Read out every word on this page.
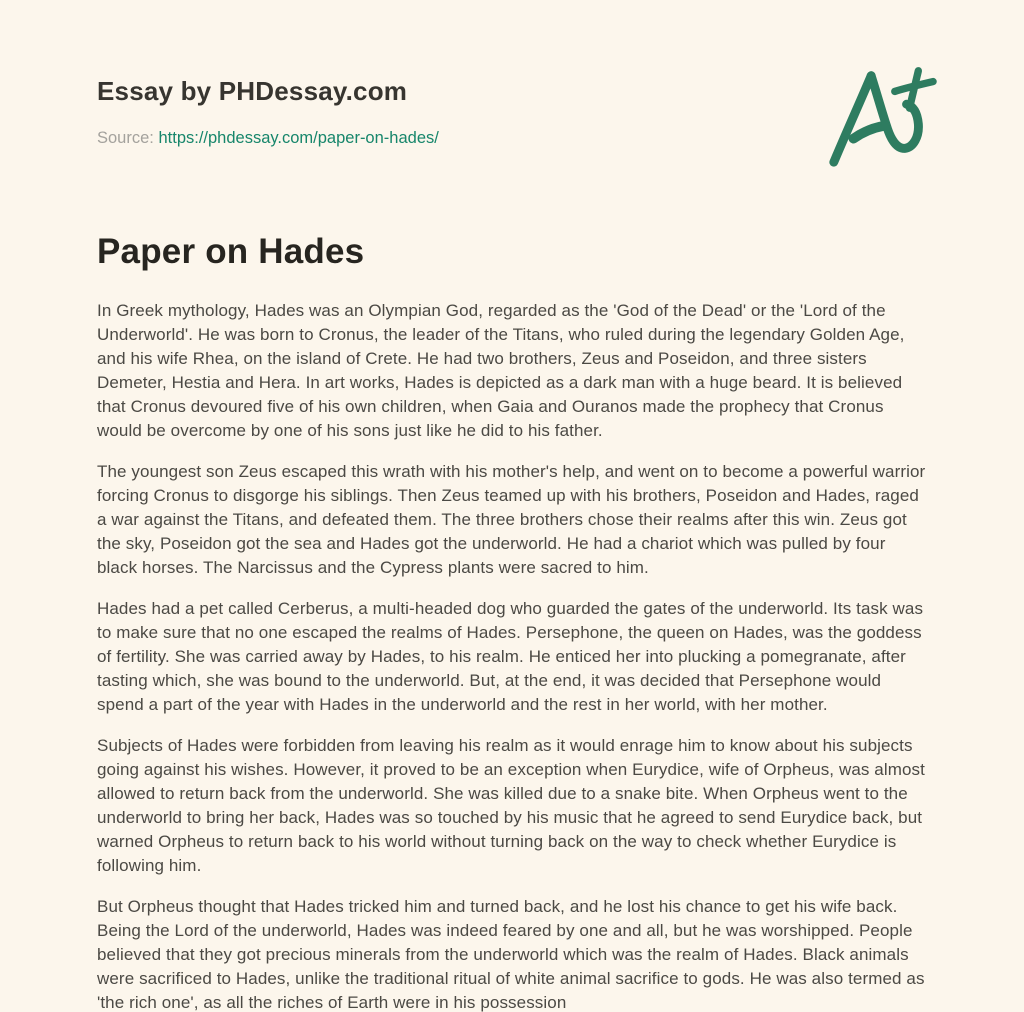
Essay by PHDessay.com

Source: https://phdessay.com/paper-on-hades/

Paper on Hades

In Greek mythology, Hades was an Olympian God, regarded as the 'God of the Dead' or the 'Lord of the Underworld'. He was born to Cronus, the leader of the Titans, who ruled during the legendary Golden Age, and his wife Rhea, on the island of Crete. He had two brothers, Zeus and Poseidon, and three sisters Demeter, Hestia and Hera. In art works, Hades is depicted as a dark man with a huge beard. It is believed that Cronus devoured five of his own children, when Gaia and Ouranos made the prophecy that Cronus would be overcome by one of his sons just like he did to his father.

The youngest son Zeus escaped this wrath with his mother's help, and went on to become a powerful warrior forcing Cronus to disgorge his siblings. Then Zeus teamed up with his brothers, Poseidon and Hades, raged a war against the Titans, and defeated them. The three brothers chose their realms after this win. Zeus got the sky, Poseidon got the sea and Hades got the underworld. He had a chariot which was pulled by four black horses. The Narcissus and the Cypress plants were sacred to him.

Hades had a pet called Cerberus, a multi-headed dog who guarded the gates of the underworld. Its task was to make sure that no one escaped the realms of Hades. Persephone, the queen on Hades, was the goddess of fertility. She was carried away by Hades, to his realm. He enticed her into plucking a pomegranate, after tasting which, she was bound to the underworld. But, at the end, it was decided that Persephone would spend a part of the year with Hades in the underworld and the rest in her world, with her mother.

Subjects of Hades were forbidden from leaving his realm as it would enrage him to know about his subjects going against his wishes. However, it proved to be an exception when Eurydice, wife of Orpheus, was almost allowed to return back from the underworld. She was killed due to a snake bite. When Orpheus went to the underworld to bring her back, Hades was so touched by his music that he agreed to send Eurydice back, but warned Orpheus to return back to his world without turning back on the way to check whether Eurydice is following him.

But Orpheus thought that Hades tricked him and turned back, and he lost his chance to get his wife back. Being the Lord of the underworld, Hades was indeed feared by one and all, but he was worshipped. People believed that they got precious minerals from the underworld which was the realm of Hades. Black animals were sacrificed to Hades, unlike the traditional ritual of white animal sacrifice to gods. He was also termed as 'the rich one', as all the riches of Earth were in his possession
